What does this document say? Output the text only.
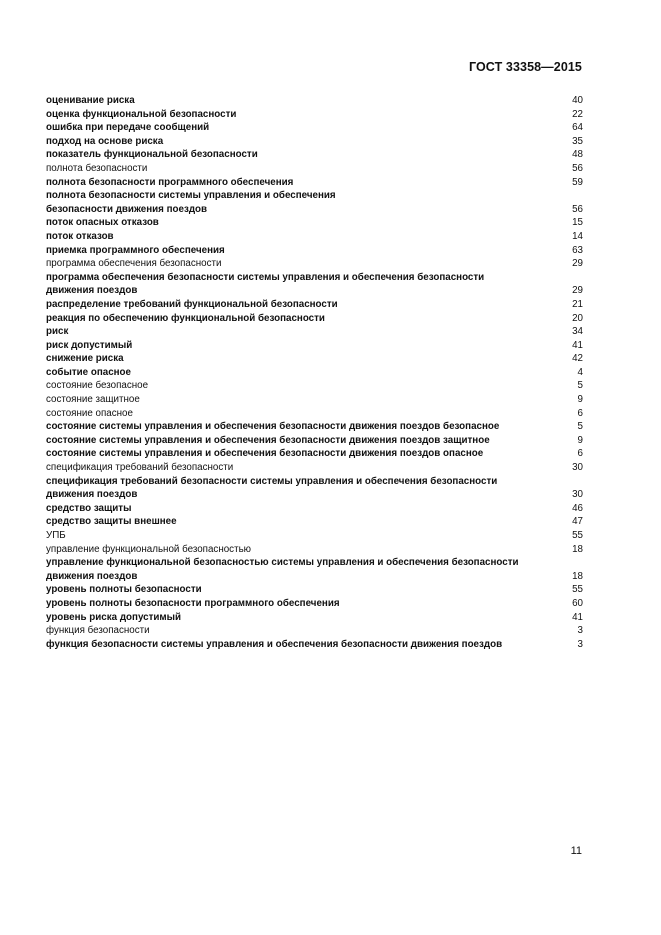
ГОСТ 33358—2015
оценивание риска	40
оценка функциональной безопасности	22
ошибка при передаче сообщений	64
подход на основе риска	35
показатель функциональной безопасности	48
полнота безопасности	56
полнота безопасности программного обеспечения	59
полнота безопасности системы управления и обеспечения
безопасности движения поездов	56
поток опасных отказов	15
поток отказов	14
приемка программного обеспечения	63
программа обеспечения безопасности	29
программа обеспечения безопасности системы управления и обеспечения безопасности
движения поездов	29
распределение требований функциональной безопасности	21
реакция по обеспечению функциональной безопасности	20
риск	34
риск допустимый	41
снижение риска	42
событие опасное	4
состояние безопасное	5
состояние защитное	9
состояние опасное	6
состояние системы управления и обеспечения безопасности движения поездов безопасное	5
состояние системы управления и обеспечения безопасности движения поездов защитное	9
состояние системы управления и обеспечения безопасности движения поездов опасное	6
спецификация требований безопасности	30
спецификация требований безопасности системы управления и обеспечения безопасности
движения поездов	30
средство защиты	46
средство защиты внешнее	47
УПБ	55
управление функциональной безопасностью	18
управление функциональной безопасностью системы управления и обеспечения безопасности
движения поездов	18
уровень полноты безопасности	55
уровень полноты безопасности программного обеспечения	60
уровень риска допустимый	41
функция безопасности	3
функция безопасности системы управления и обеспечения безопасности движения поездов	3
11
